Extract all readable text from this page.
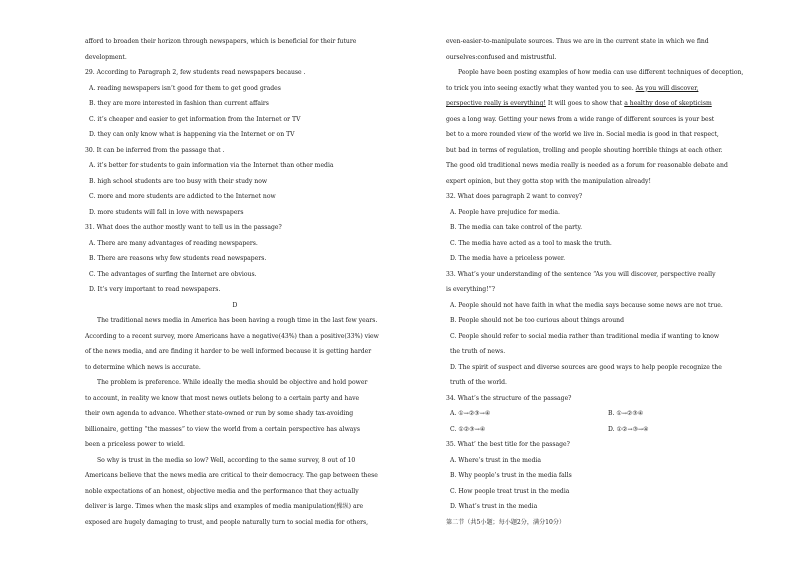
afford to broaden their horizon through newspapers, which is beneficial for their future
development.
29. According to Paragraph 2, few students read newspapers because .
A. reading newspapers isn’t good for them to get good grades
B. they are more interested in fashion than current affairs
C. it’s cheaper and easier to get information from the Internet or TV
D. they can only know what is happening via the Internet or on TV
30. It can be inferred from the passage that .
A. it’s better for students to gain information via the Internet than other media
B. high school students are too busy with their study now
C. more and more students are addicted to the Internet now
D. more students will fall in love with newspapers
31. What does the author mostly want to tell us in the passage?
A. There are many advantages of reading newspapers.
B. There are reasons why few students read newspapers.
C. The advantages of surfing the Internet are obvious.
D. It’s very important to read newspapers.
D
The traditional news media in America has been having a rough time in the last few years.
According to a recent survey, more Americans have a negative(43%) than a positive(33%) view
of the news media, and are finding it harder to be well informed because it is getting harder
to determine which news is accurate.
The problem is preference. While ideally the media should be objective and hold power
to account, in reality we know that most news outlets belong to a certain party and have
their own agenda to advance. Whether state-owned or run by some shady tax-avoiding
billionaire, getting “the masses” to view the world from a certain perspective has always
been a priceless power to wield.
So why is trust in the media so low? Well, according to the same survey, 8 out of 10
Americans believe that the news media are critical to their democracy. The gap between these
noble expectations of an honest, objective media and the performance that they actually
deliver is large. Times when the mask slips and examples of media manipulation(操纵) are
exposed are hugely damaging to trust, and people naturally turn to social media for others,
even-easier-to-manipulate sources. Thus we are in the current state in which we find
ourselves:confused and mistrustful.
People have been posting examples of how media can use different techniques of deception,
to trick you into seeing exactly what they wanted you to see. As you will discover,
perspective really is everything! It will goes to show that a healthy dose of skepticism
goes a long way. Getting your news from a wide range of different sources is your best
bet to a more rounded view of the world we live in. Social media is good in that respect,
but bad in terms of regulation, trolling and people shouting horrible things at each other.
The good old traditional news media really is needed as a forum for reasonable debate and
expert opinion, but they gotta stop with the manipulation already!
32. What does paragraph 2 want to convey?
A. People have prejudice for media.
B. The media can take control of the party.
C. The media have acted as a tool to mask the truth.
D. The media have a priceless power.
33. What’s your understanding of the sentence “As you will discover, perspective really
is everything!”?
A. People should not have faith in what the media says because some news are not true.
B. People should not be too curious about things around
C. People should refer to social media rather than traditional media if wanting to know
the truth of news.
D. The spirit of suspect and diverse sources are good ways to help people recognize the
truth of the world.
34. What’s the structure of the passage?
A. ①→②③→④	B. ①→②③④
C. ①②③→④	D. ①②→③→④
35. What’ the best title for the passage?
A. Where’s trust in the media
B. Why people’s trust in the media falls
C. How people treat trust in the media
D. What’s trust in the media
第二节（共5小题；每小题2分，满分10分）
